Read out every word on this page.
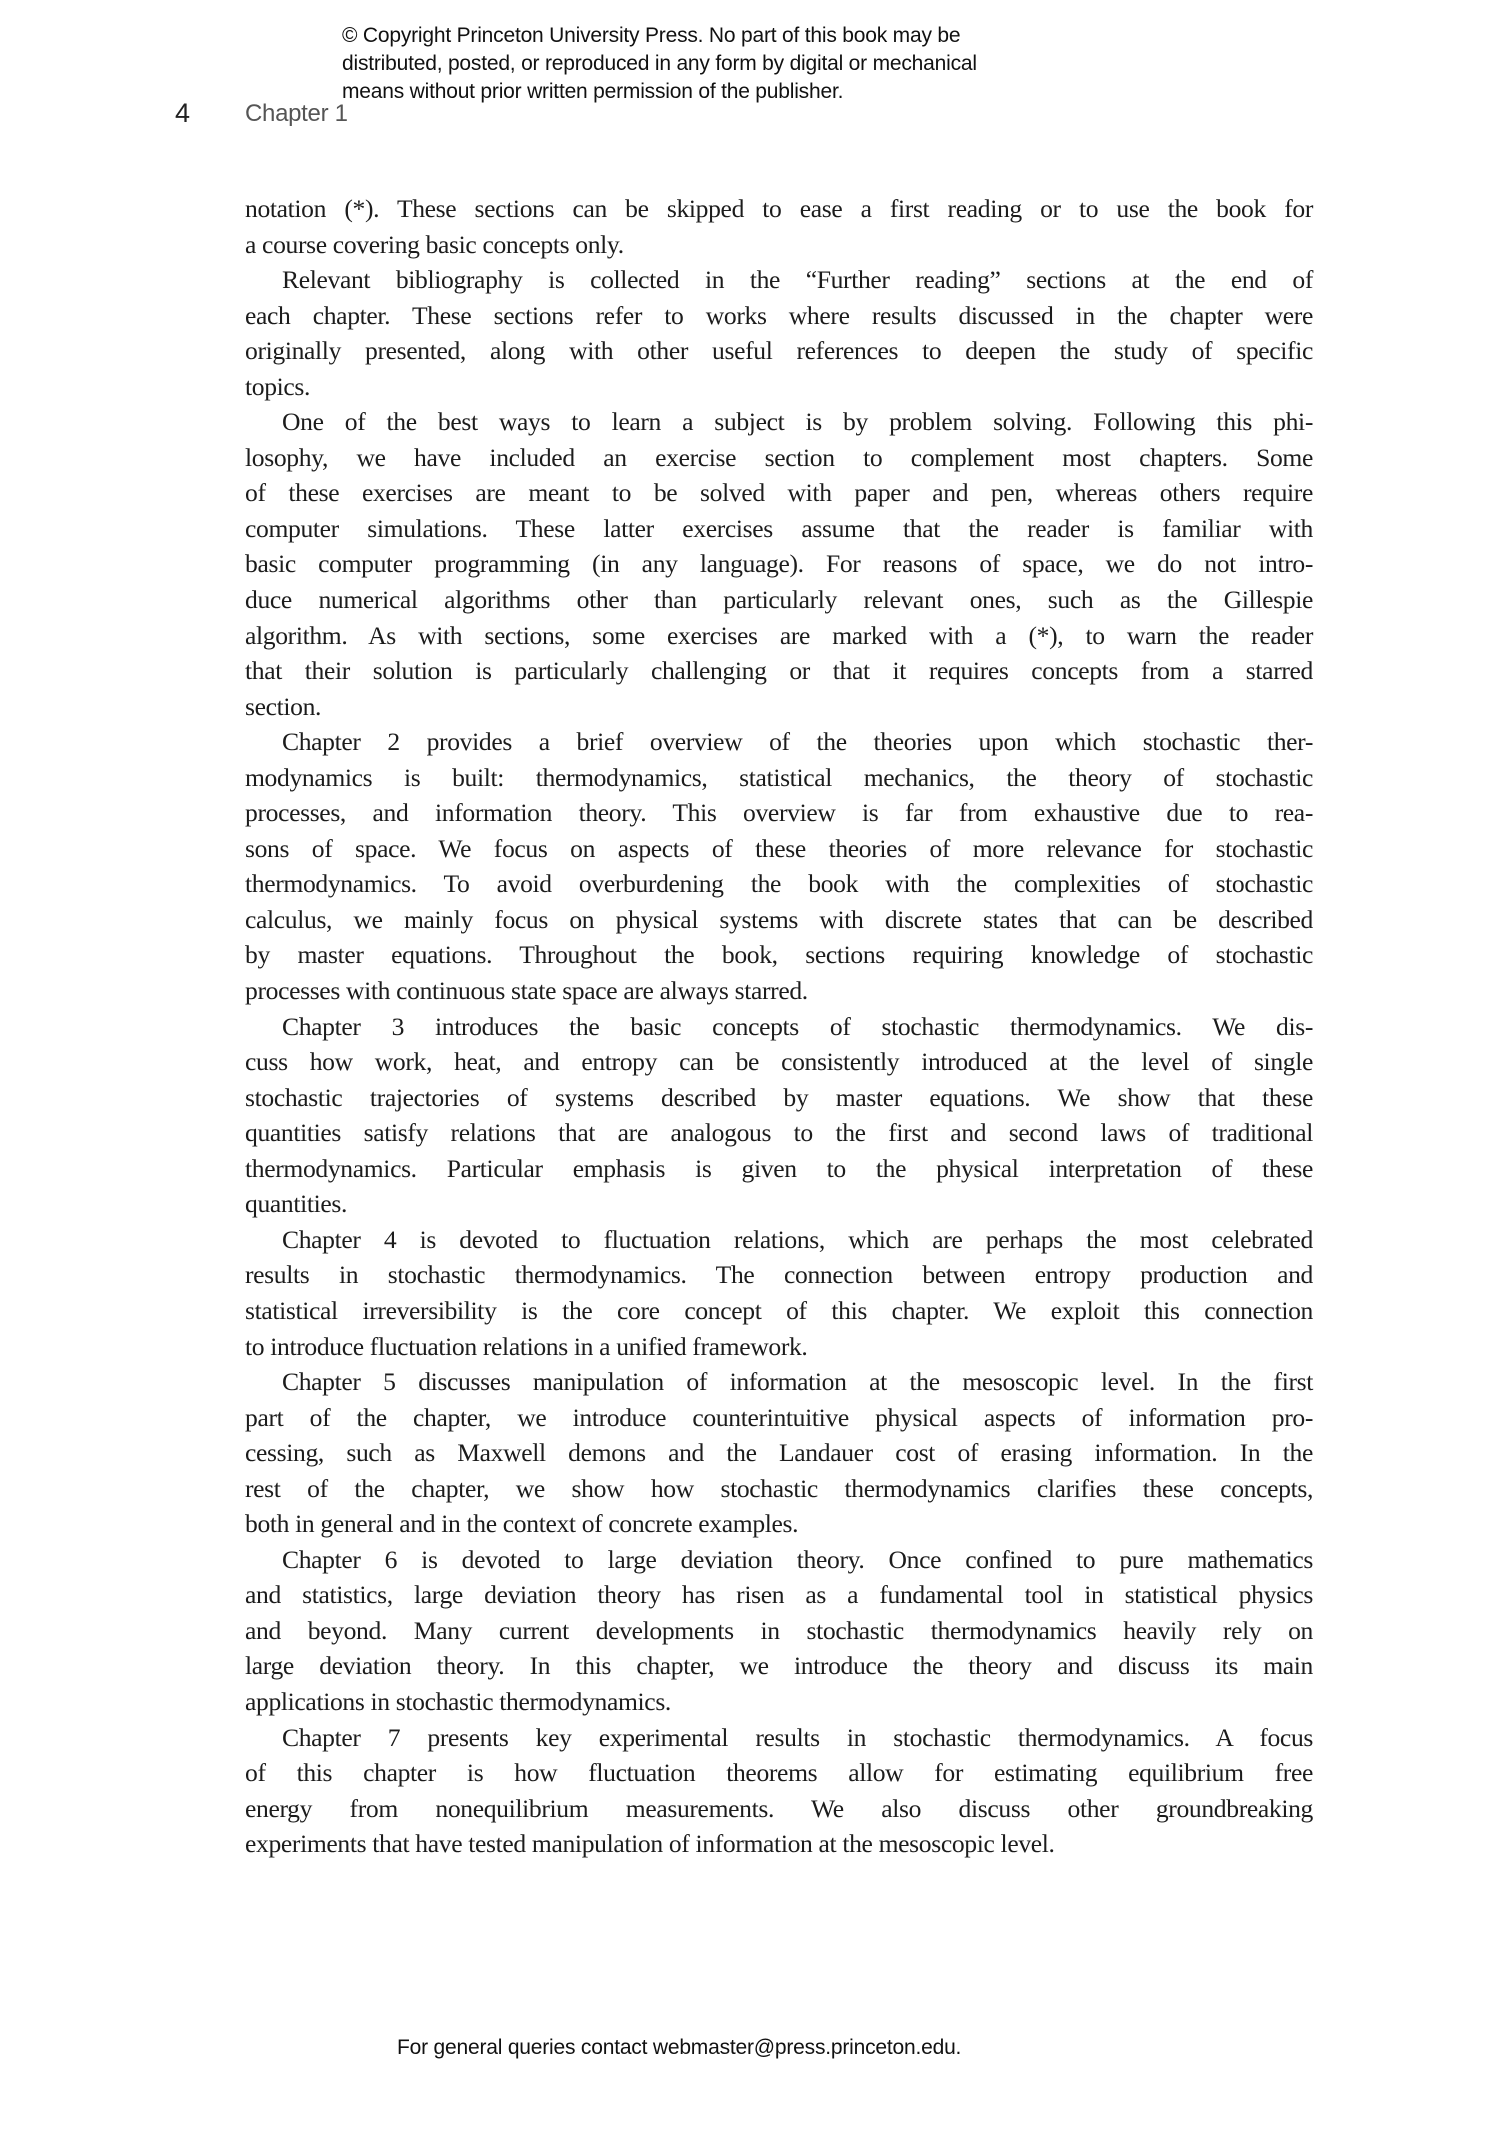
© Copyright Princeton University Press. No part of this book may be
distributed, posted, or reproduced in any form by digital or mechanical
means without prior written permission of the publisher.
4 Chapter 1
notation (*). These sections can be skipped to ease a first reading or to use the book for
a course covering basic concepts only.
Relevant bibliography is collected in the “Further reading” sections at the end of
each chapter. These sections refer to works where results discussed in the chapter were
originally presented, along with other useful references to deepen the study of specific
topics.
One of the best ways to learn a subject is by problem solving. Following this phi-
losophy, we have included an exercise section to complement most chapters. Some
of these exercises are meant to be solved with paper and pen, whereas others require
computer simulations. These latter exercises assume that the reader is familiar with
basic computer programming (in any language). For reasons of space, we do not intro-
duce numerical algorithms other than particularly relevant ones, such as the Gillespie
algorithm. As with sections, some exercises are marked with a (*), to warn the reader
that their solution is particularly challenging or that it requires concepts from a starred
section.
Chapter 2 provides a brief overview of the theories upon which stochastic ther-
modynamics is built: thermodynamics, statistical mechanics, the theory of stochastic
processes, and information theory. This overview is far from exhaustive due to rea-
sons of space. We focus on aspects of these theories of more relevance for stochastic
thermodynamics. To avoid overburdening the book with the complexities of stochastic
calculus, we mainly focus on physical systems with discrete states that can be described
by master equations. Throughout the book, sections requiring knowledge of stochastic
processes with continuous state space are always starred.
Chapter 3 introduces the basic concepts of stochastic thermodynamics. We dis-
cuss how work, heat, and entropy can be consistently introduced at the level of single
stochastic trajectories of systems described by master equations. We show that these
quantities satisfy relations that are analogous to the first and second laws of traditional
thermodynamics. Particular emphasis is given to the physical interpretation of these
quantities.
Chapter 4 is devoted to fluctuation relations, which are perhaps the most celebrated
results in stochastic thermodynamics. The connection between entropy production and
statistical irreversibility is the core concept of this chapter. We exploit this connection
to introduce fluctuation relations in a unified framework.
Chapter 5 discusses manipulation of information at the mesoscopic level. In the first
part of the chapter, we introduce counterintuitive physical aspects of information pro-
cessing, such as Maxwell demons and the Landauer cost of erasing information. In the
rest of the chapter, we show how stochastic thermodynamics clarifies these concepts,
both in general and in the context of concrete examples.
Chapter 6 is devoted to large deviation theory. Once confined to pure mathematics
and statistics, large deviation theory has risen as a fundamental tool in statistical physics
and beyond. Many current developments in stochastic thermodynamics heavily rely on
large deviation theory. In this chapter, we introduce the theory and discuss its main
applications in stochastic thermodynamics.
Chapter 7 presents key experimental results in stochastic thermodynamics. A focus
of this chapter is how fluctuation theorems allow for estimating equilibrium free
energy from nonequilibrium measurements. We also discuss other groundbreaking
experiments that have tested manipulation of information at the mesoscopic level.
For general queries contact webmaster@press.princeton.edu.
